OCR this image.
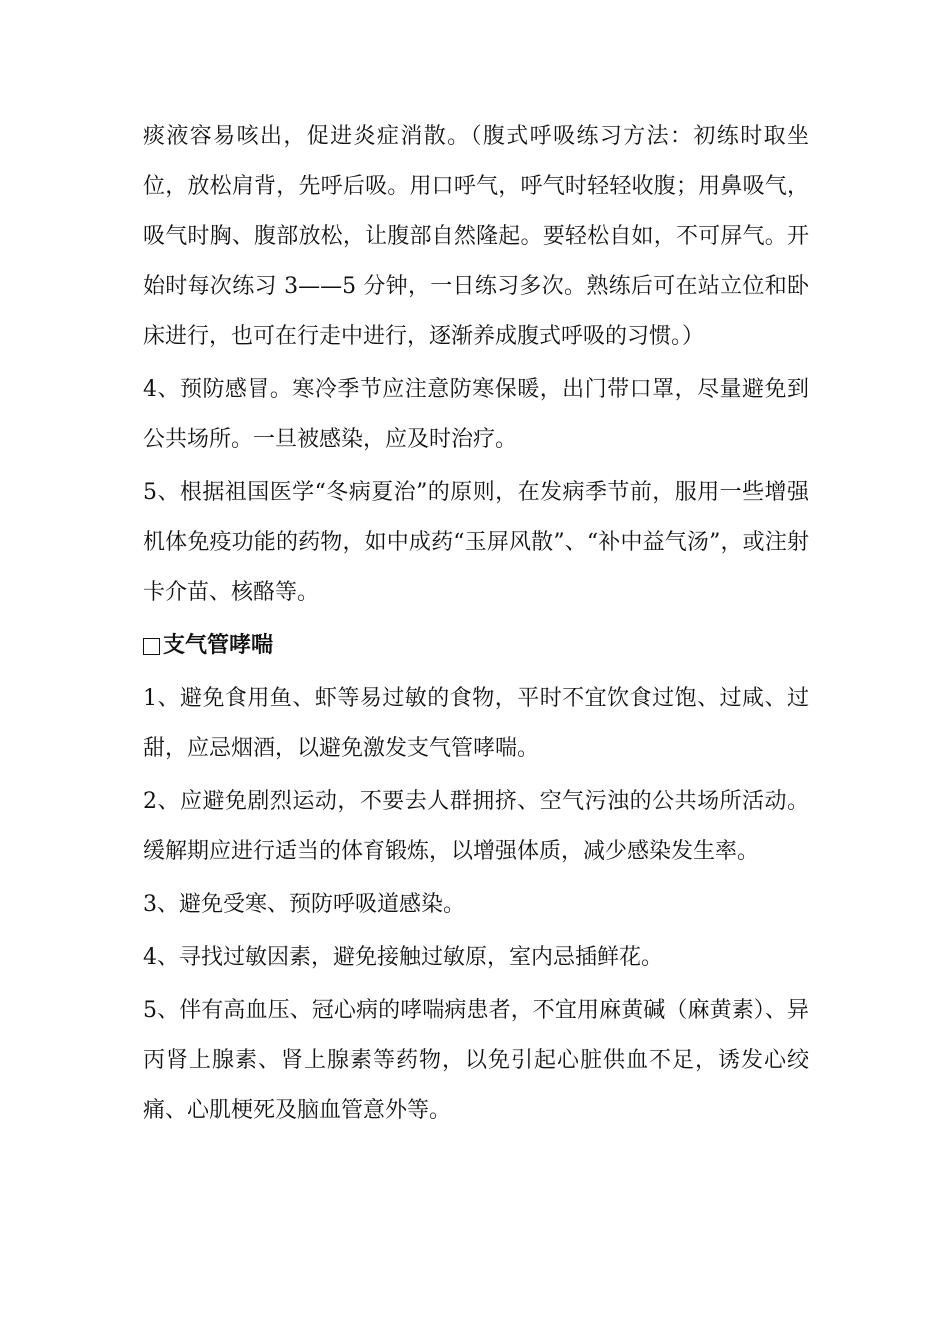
痰液容易咳出，促进炎症消散。（腹式呼吸练习方法：初练时取坐位，放松肩背，先呼后吸。用口呼气，呼气时轻轻收腹；用鼻吸气，吸气时胸、腹部放松，让腹部自然隆起。要轻松自如，不可屏气。开始时每次练习 3——5 分钟，一日练习多次。熟练后可在站立位和卧床进行，也可在行走中进行，逐渐养成腹式呼吸的习惯。）

4、预防感冒。寒冷季节应注意防寒保暖，出门带口罩，尽量避免到公共场所。一旦被感染，应及时治疗。

5、根据祖国医学“冬病夏治”的原则，在发病季节前，服用一些增强机体免疫功能的药物，如中成药“玉屏风散”、“补中益气汤”，或注射卡介苗、核酪等。

支气管哮喘

1、避免食用鱼、虾等易过敏的食物，平时不宜饮食过饱、过咸、过甜，应忌烟酒，以避免激发支气管哮喘。

2、应避免剧烈运动，不要去人群拥挤、空气污浊的公共场所活动。缓解期应进行适当的体育锻炼，以增强体质，减少感染发生率。

3、避免受寒、预防呼吸道感染。

4、寻找过敏因素，避免接触过敏原，室内忌插鲜花。

5、伴有高血压、冠心病的哮喘病患者，不宜用麻黄碱（麻黄素）、异丙肾上腺素、肾上腺素等药物，以免引起心脏供血不足，诱发心绞痛、心肌梗死及脑血管意外等。
